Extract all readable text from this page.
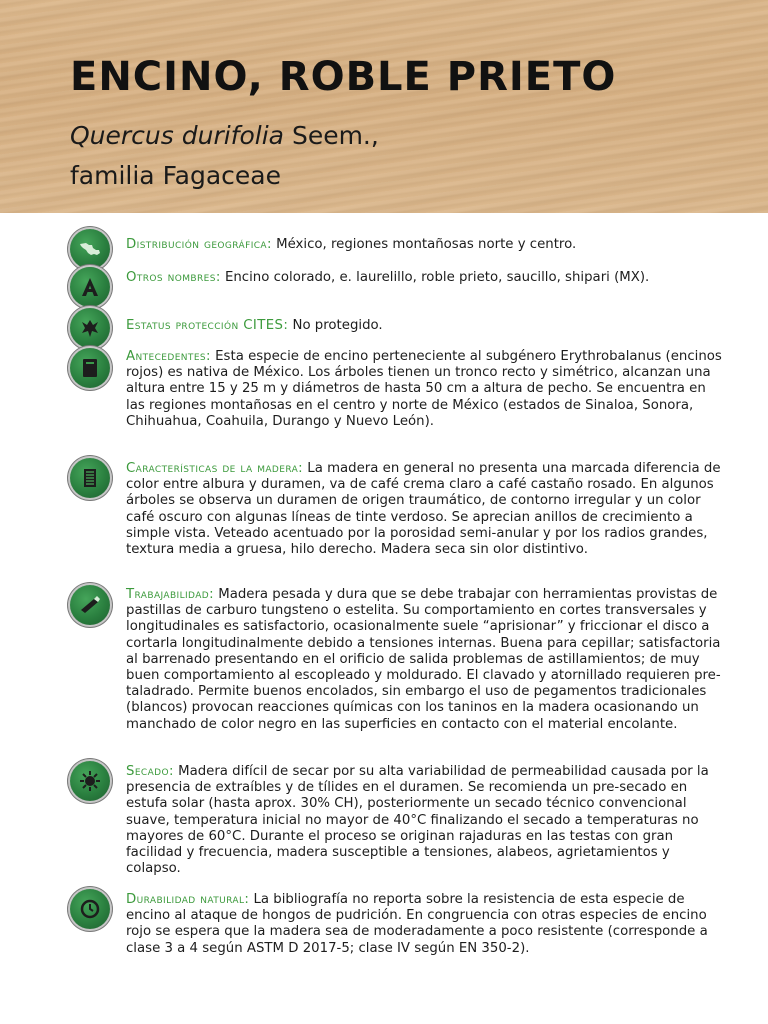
ENCINO, ROBLE PRIETO
Quercus durifolia Seem.,
familia Fagaceae

Distribución geográfica: México, regiones montañosas norte y centro.

Otros nombres: Encino colorado, e. laurelillo, roble prieto, saucillo, shipari (MX).

Estatus protección CITES: No protegido.

Antecedentes: Esta especie de encino perteneciente al subgénero Erythrobalanus (encinos rojos) es nativa de México. Los árboles tienen un tronco recto y simétrico, alcanzan una altura entre 15 y 25 m y diámetros de hasta 50 cm a altura de pecho. Se encuentra en las regiones montañosas en el centro y norte de México (estados de Sinaloa, Sonora, Chihuahua, Coahuila, Durango y Nuevo León).

Características de la madera: La madera en general no presenta una marcada diferencia de color entre albura y duramen, va de café crema claro a café castaño rosado. En algunos árboles se observa un duramen de origen traumático, de contorno irregular y un color café oscuro con algunas líneas de tinte verdoso. Se aprecian anillos de crecimiento a simple vista. Veteado acentuado por la porosidad semi-anular y por los radios grandes, textura media a gruesa, hilo derecho. Madera seca sin olor distintivo.

Trabajabilidad: Madera pesada y dura que se debe trabajar con herramientas provistas de pastillas de carburo tungsteno o estelita. Su comportamiento en cortes transversales y longitudinales es satisfactorio, ocasionalmente suele “aprisionar” y friccionar el disco a cortarla longitudinalmente debido a tensiones internas. Buena para cepillar; satisfactoria al barrenado presentando en el orificio de salida problemas de astillamientos; de muy buen comportamiento al escopleado y moldurado. El clavado y atornillado requieren pre-taladrado. Permite buenos encolados, sin embargo el uso de pegamentos tradicionales (blancos) provocan reacciones químicas con los taninos en la madera ocasionando un manchado de color negro en las superficies en contacto con el material encolante.

Secado: Madera difícil de secar por su alta variabilidad de permeabilidad causada por la presencia de extraíbles y de tílides en el duramen. Se recomienda un pre-secado en estufa solar (hasta aprox. 30% CH), posteriormente un secado técnico convencional suave, temperatura inicial no mayor de 40°C finalizando el secado a temperaturas no mayores de 60°C. Durante el proceso se originan rajaduras en las testas con gran facilidad y frecuencia, madera susceptible a tensiones, alabeos, agrietamientos y colapso.

Durabilidad natural: La bibliografía no reporta sobre la resistencia de esta especie de encino al ataque de hongos de pudrición. En congruencia con otras especies de encino rojo se espera que la madera sea de moderadamente a poco resistente (corresponde a clase 3 a 4 según ASTM D 2017-5; clase IV según EN 350-2).
